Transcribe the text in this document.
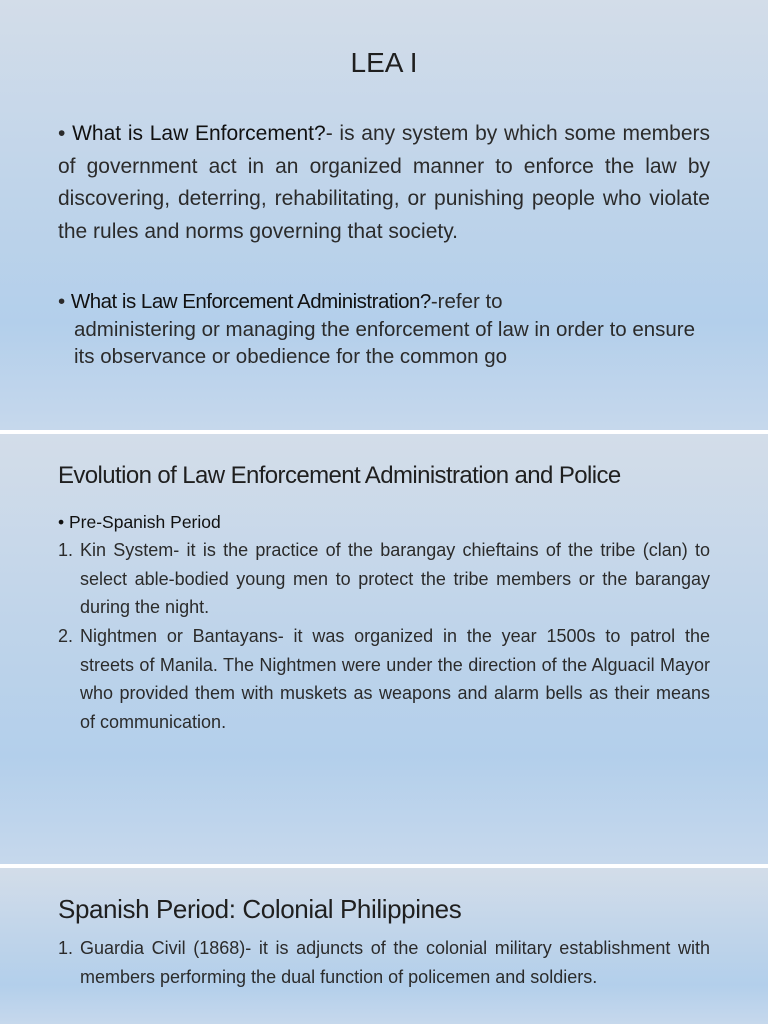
LEA I
• What is Law Enforcement?- is any system by which some members of government act in an organized manner to enforce the law by discovering, deterring, rehabilitating, or punishing people who violate the rules and norms governing that society.
• What is Law Enforcement Administration?-refer to
administering or managing the enforcement of law in order to ensure its observance or obedience for the common go
Evolution of Law Enforcement Administration and Police
• Pre-Spanish Period
1. Kin System- it is the practice of the barangay chieftains of the tribe (clan) to select able-bodied young men to protect the tribe members or the barangay during the night.
2. Nightmen or Bantayans- it was organized in the year 1500s to patrol the streets of Manila. The Nightmen were under the direction of the Alguacil Mayor who provided them with muskets as weapons and alarm bells as their means of communication.
Spanish Period: Colonial Philippines
1. Guardia Civil (1868)- it is adjuncts of the colonial military establishment with members performing the dual function of policemen and soldiers.
